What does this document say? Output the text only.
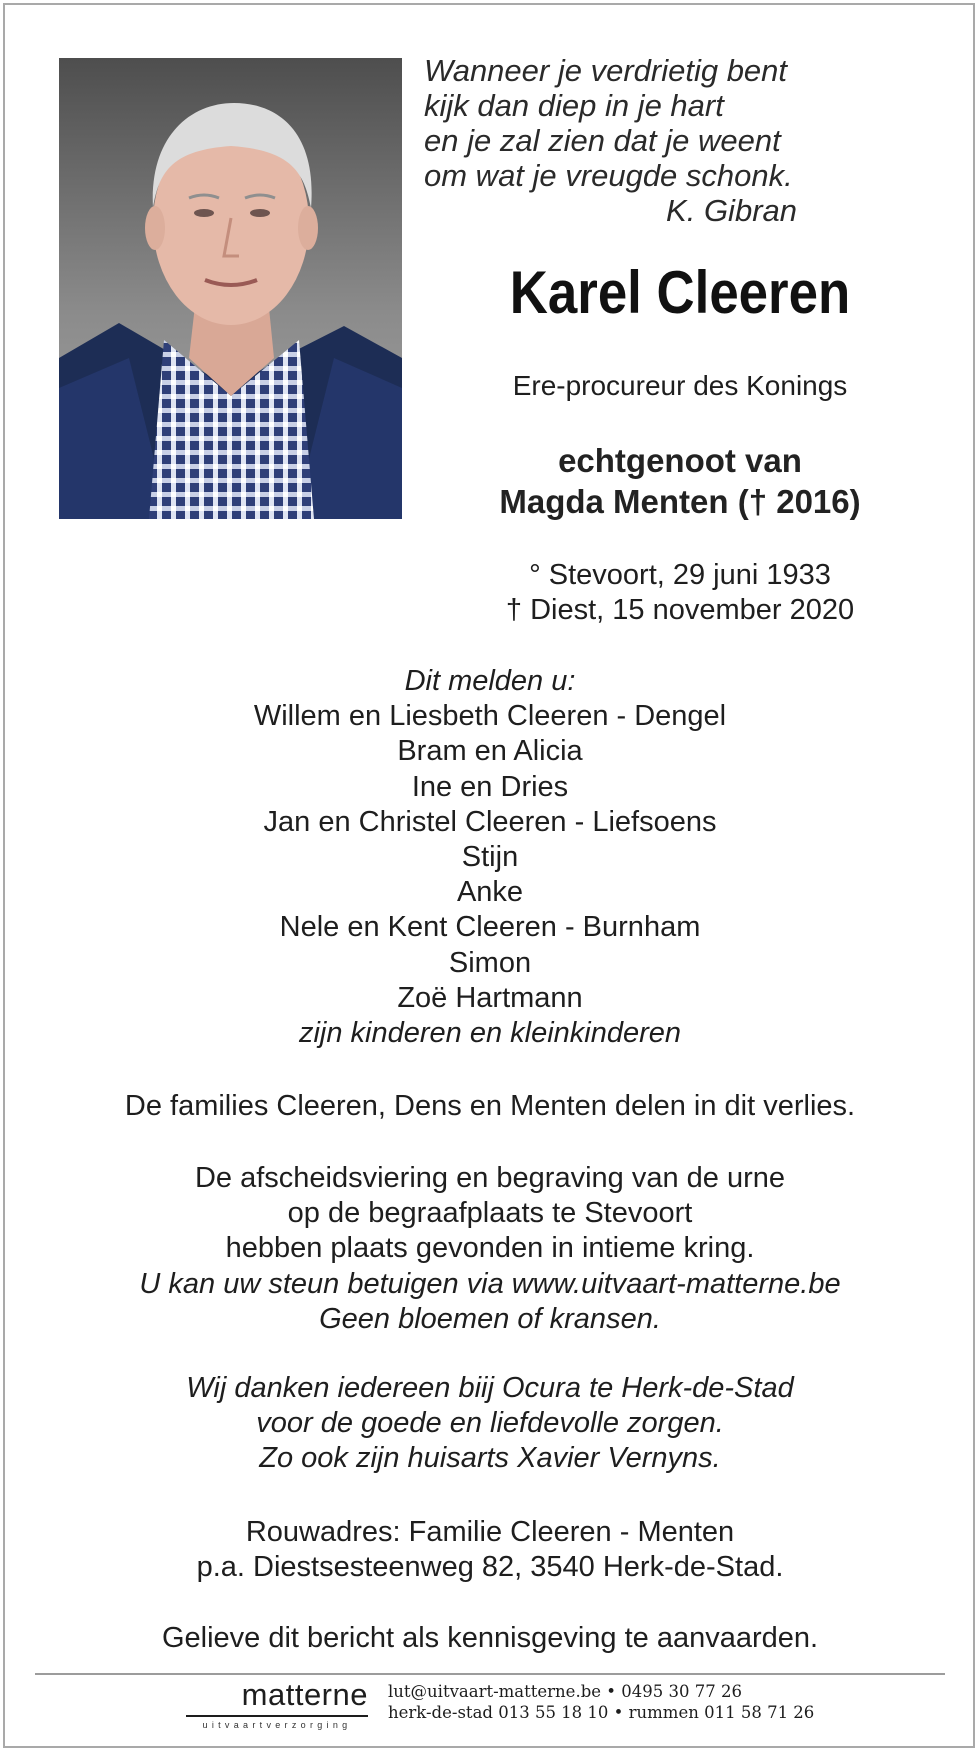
Wanneer je verdrietig bent
kijk dan diep in je hart
en je zal zien dat je weent
om wat je vreugde schonk.
K. Gibran
Karel Cleeren
Ere-procureur des Konings
echtgenoot van
Magda Menten († 2016)
° Stevoort, 29 juni 1933
† Diest, 15 november 2020
Dit melden u:
Willem en Liesbeth Cleeren - Dengel
Bram en Alicia
Ine en Dries
Jan en Christel Cleeren - Liefsoens
Stijn
Anke
Nele en Kent Cleeren - Burnham
Simon
Zoë Hartmann
zijn kinderen en kleinkinderen
De families Cleeren, Dens en Menten delen in dit verlies.
De afscheidsviering en begraving van de urne
op de begraafplaats te Stevoort
hebben plaats gevonden in intieme kring.
U kan uw steun betuigen via www.uitvaart-matterne.be
Geen bloemen of kransen.
Wij danken iedereen biij Ocura te Herk-de-Stad
voor de goede en liefdevolle zorgen.
Zo ook zijn huisarts Xavier Vernyns.
Rouwadres: Familie Cleeren - Menten
p.a. Diestsesteenweg 82, 3540 Herk-de-Stad.
Gelieve dit bericht als kennisgeving te aanvaarden.
matterne
uitvaartverzorging
lut@uitvaart-matterne.be • 0495 30 77 26
herk-de-stad 013 55 18 10 • rummen 011 58 71 26
